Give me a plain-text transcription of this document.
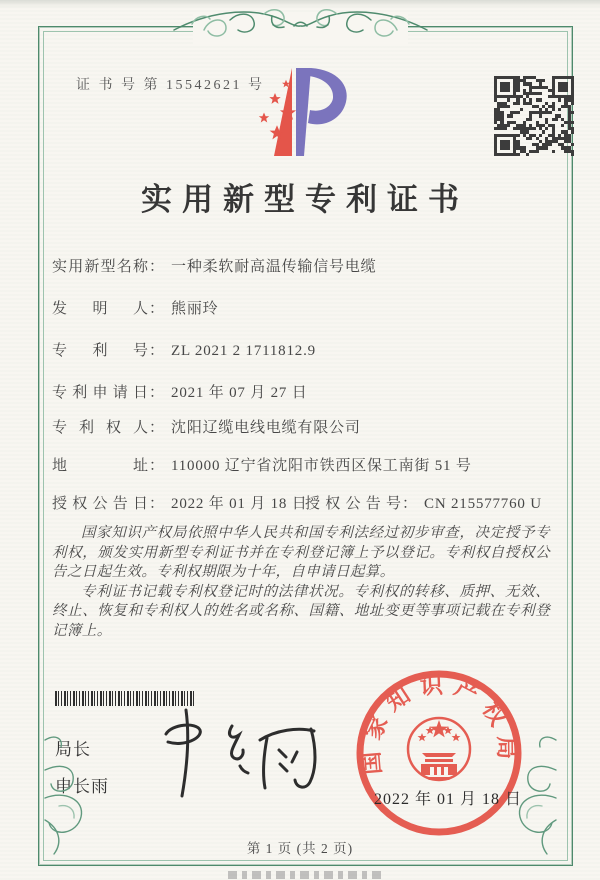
证 书 号 第 15542621 号
实用新型专利证书
实用新型名称： 一种柔软耐高温传输信号电缆
发明人： 熊丽玲
专利号： ZL 2021 2 1711812.9
专利申请日： 2021 年 07 月 27 日
专利权人： 沈阳辽缆电线电缆有限公司
地址： 110000 辽宁省沈阳市铁西区保工南街 51 号
授权公告日： 2022 年 01 月 18 日
授权公告号： CN 215577760 U

国家知识产权局依照中华人民共和国专利法经过初步审查，决定授予专利权，颁发实用新型专利证书并在专利登记簿上予以登记。专利权自授权公告之日起生效。专利权期限为十年，自申请日起算。

专利证书记载专利权登记时的法律状况。专利权的转移、质押、无效、终止、恢复和专利权人的姓名或名称、国籍、地址变更等事项记载在专利登记簿上。

局长
申长雨
国家知识产权局
2022 年 01 月 18 日
第 1 页 (共 2 页)
